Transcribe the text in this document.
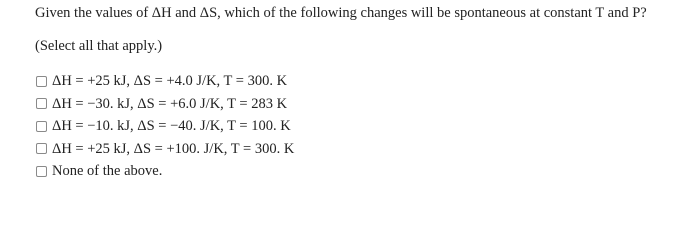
Given the values of ΔH and ΔS, which of the following changes will be spontaneous at constant T and P?
(Select all that apply.)
ΔH = +25 kJ, ΔS = +4.0 J/K, T = 300. K
ΔH = −30. kJ, ΔS = +6.0 J/K, T = 283 K
ΔH = −10. kJ, ΔS = −40. J/K, T = 100. K
ΔH = +25 kJ, ΔS = +100. J/K, T = 300. K
None of the above.
